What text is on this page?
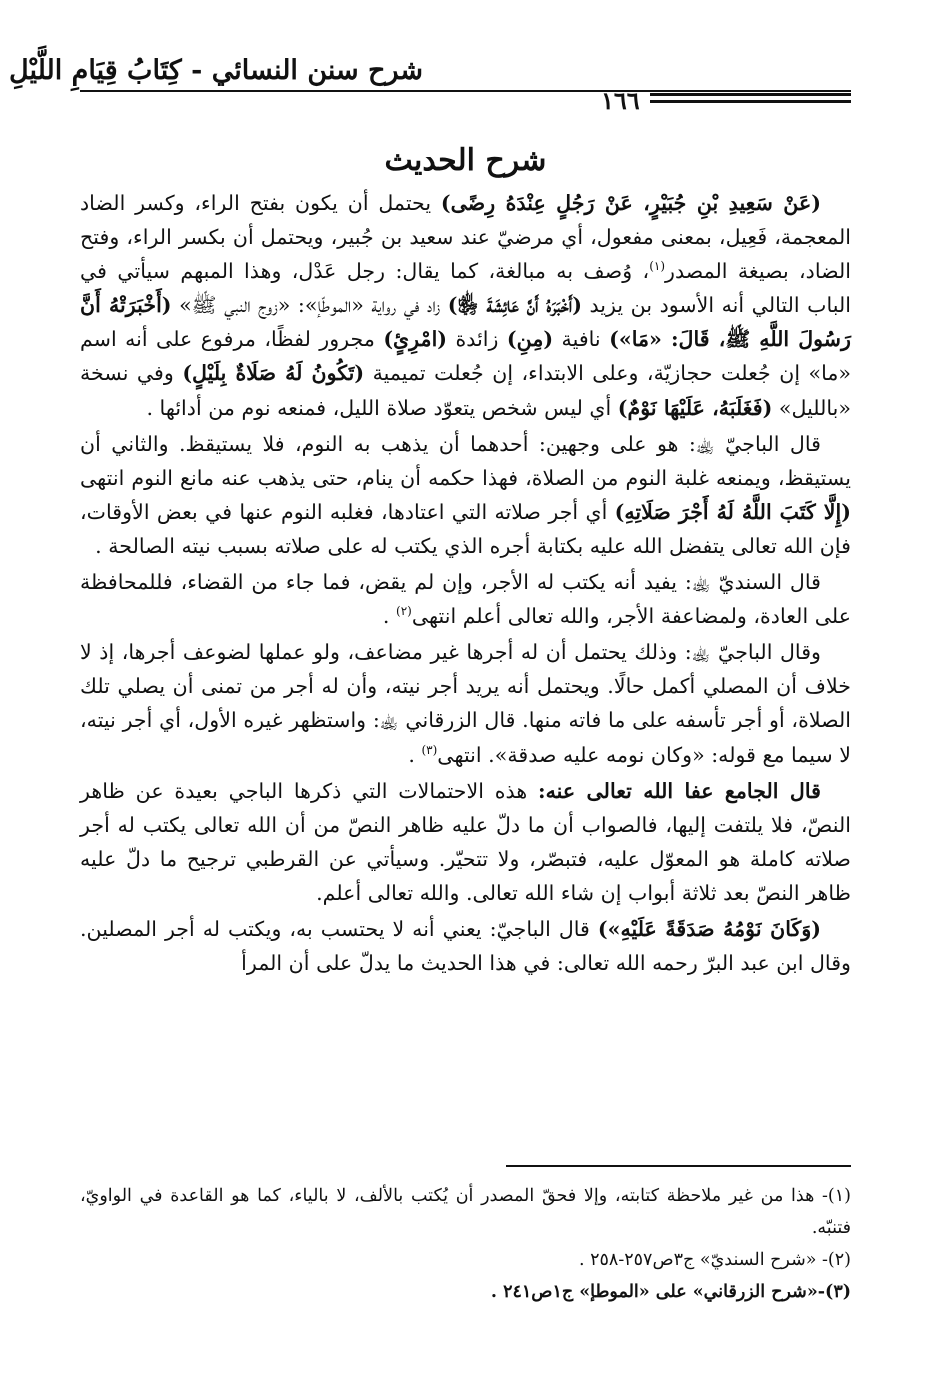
شرح سنن النسائي - كِتَابُ قِيَامِ اللَّيْلِ
١٦٦
شرح الحديث

(عَنْ سَعِيدِ بْنِ جُبَيْرٍ، عَنْ رَجُلٍ عِنْدَهُ رِضًى) يحتمل أن يكون بفتح الراء، وكسر الضاد المعجمة، فَعِيل، بمعنى مفعول، أي مرضيّ عند سعيد بن جُبير، ويحتمل أن بكسر الراء، وفتح الضاد، بصيغة المصدر$^{(١)}$، وُصف به مبالغة، كما يقال: رجل عَدْل، وهذا المبهم سيأتي في الباب التالي أنه الأسود بن يزيد (أَخْبَرَهُ أَنَّ عَائِشَةَ ﵂) زاد في رواية «الموطّإ»: «زوج النبي ﷺ» (أَخْبَرَتْهُ أَنَّ رَسُولَ اللَّهِ ﷺ، قَالَ: «مَا») نافية (مِنِ) زائدة (امْرِئٍ) مجرور لفظًا، مرفوع على أنه اسم «ما» إن جُعلت حجازيّة، وعلى الابتداء، إن جُعلت تميمية (تَكُونُ لَهُ صَلَاةٌ بِلَيْلٍ) وفي نسخة «بالليل» (فَغَلَبَهُ، عَلَيْهَا نَوْمٌ) أي ليس شخص يتعوّد صلاة الليل، فمنعه نوم من أدائها .

قال الباجيّ ﵀: هو على وجهين: أحدهما أن يذهب به النوم، فلا يستيقظ. والثاني أن يستيقظ، ويمنعه غلبة النوم من الصلاة، فهذا حكمه أن ينام، حتى يذهب عنه مانع النوم انتهى (إِلَّا كَتَبَ اللَّهُ لَهُ أَجْرَ صَلَاتِهِ) أي أجر صلاته التي اعتادها، فغلبه النوم عنها في بعض الأوقات، فإن الله تعالى يتفضل الله عليه بكتابة أجره الذي يكتب له على صلاته بسبب نيته الصالحة .

قال السنديّ ﵀: يفيد أنه يكتب له الأجر، وإن لم يقض، فما جاء من القضاء، فللمحافظة على العادة، ولمضاعفة الأجر، والله تعالى أعلم انتهى$^{(٢)}$ .

وقال الباجيّ ﵀: وذلك يحتمل أن له أجرها غير مضاعف، ولو عملها لضوعف أجرها، إذ لا خلاف أن المصلي أكمل حالًا. ويحتمل أنه يريد أجر نيته، وأن له أجر من تمنى أن يصلي تلك الصلاة، أو أجر تأسفه على ما فاته منها. قال الزرقاني ﵀: واستظهر غيره الأول، أي أجر نيته، لا سيما مع قوله: «وكان نومه عليه صدقة». انتهى$^{(٣)}$ .

قال الجامع عفا الله تعالى عنه: هذه الاحتمالات التي ذكرها الباجي بعيدة عن ظاهر النصّ، فلا يلتفت إليها، فالصواب أن ما دلّ عليه ظاهر النصّ من أن الله تعالى يكتب له أجر صلاته كاملة هو المعوّل عليه، فتبصّر، ولا تتحيّر. وسيأتي عن القرطبي ترجيح ما دلّ عليه ظاهر النصّ بعد ثلاثة أبواب إن شاء الله تعالى. والله تعالى أعلم.

(وَكَانَ نَوْمُهُ صَدَقَةً عَلَيْهِ») قال الباجيّ: يعني أنه لا يحتسب به، ويكتب له أجر المصلين. وقال ابن عبد البرّ رحمه الله تعالى: في هذا الحديث ما يدلّ على أن المرأ

(١)- هذا من غير ملاحظة كتابته، وإلا فحقّ المصدر أن يُكتب بالألف، لا بالياء، كما هو القاعدة في الواويّ، فتنبّه.

(٢)- «شرح السنديّ» ج٣ص٢٥٧-٢٥٨ .

(٣)-«شرح الزرقاني» على «الموطإ» ج١ص٢٤١ .
